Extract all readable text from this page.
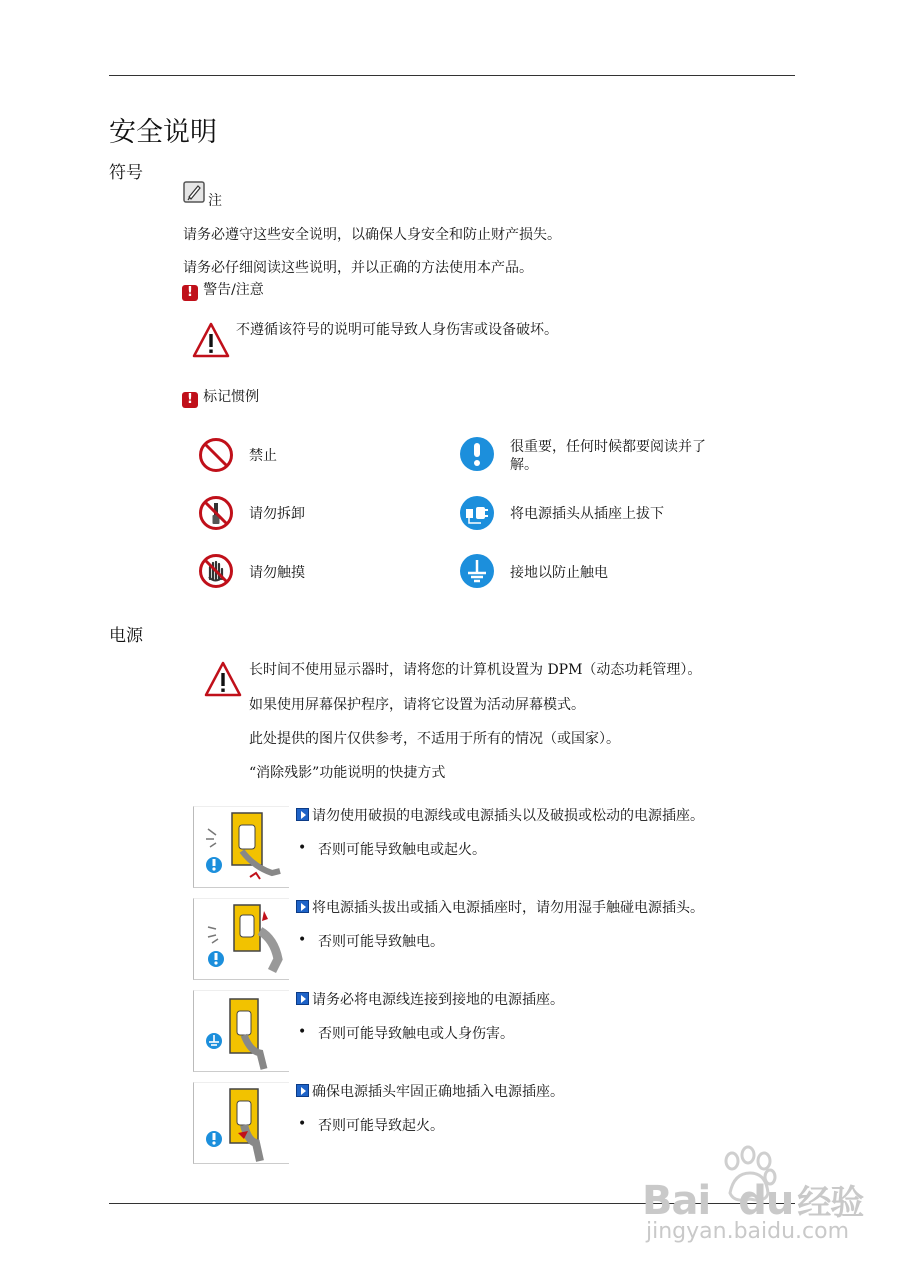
安全说明
符号
注
请务必遵守这些安全说明，以确保人身安全和防止财产损失。
请务必仔细阅读这些说明，并以正确的方法使用本产品。
! 警告/注意
不遵循该符号的说明可能导致人身伤害或设备破坏。
! 标记惯例
禁止
很重要，任何时候都要阅读并了解。
请勿拆卸	将电源插头从插座上拔下
请勿触摸	接地以防止触电
电源
长时间不使用显示器时，请将您的计算机设置为 DPM（动态功耗管理）。
如果使用屏幕保护程序，请将它设置为活动屏幕模式。
此处提供的图片仅供参考，不适用于所有的情况（或国家）。
“消除残影”功能说明的快捷方式
请勿使用破损的电源线或电源插头以及破损或松动的电源插座。
• 否则可能导致触电或起火。
将电源插头拔出或插入电源插座时，请勿用湿手触碰电源插头。
• 否则可能导致触电。
请务必将电源线连接到接地的电源插座。
• 否则可能导致触电或人身伤害。
确保电源插头牢固正确地插入电源插座。
• 否则可能导致起火。
Bai du 经验
jingyan.baidu.com
